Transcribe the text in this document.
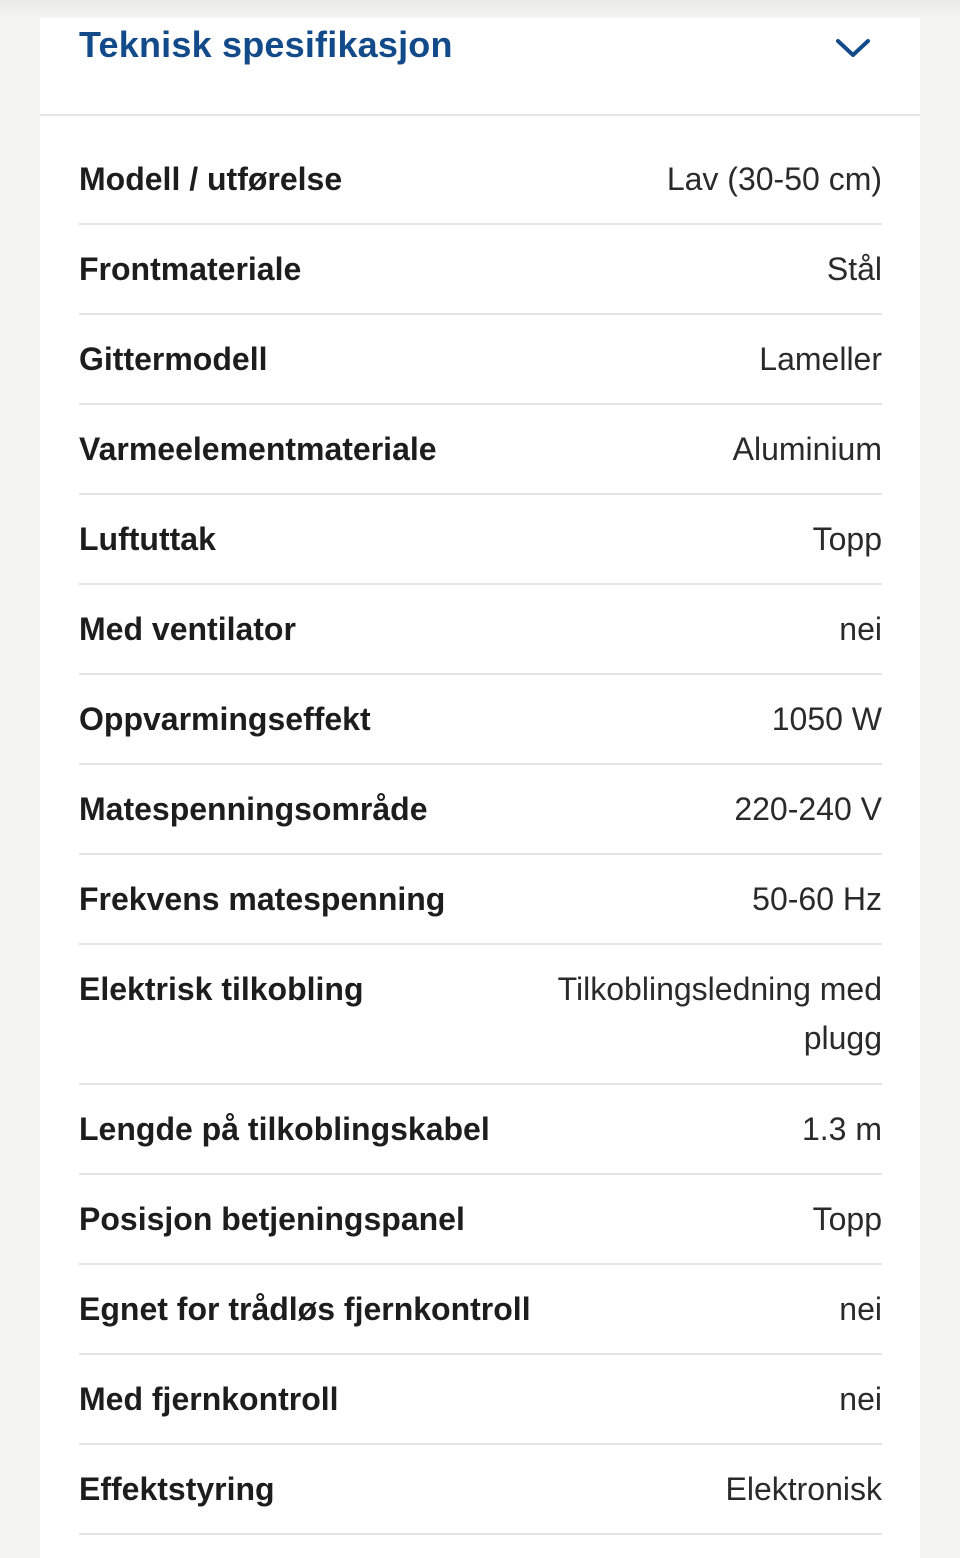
Teknisk spesifikasjon
Modell / utførelse	Lav (30-50 cm)
Frontmateriale	Stål
Gittermodell	Lameller
Varmeelementmateriale	Aluminium
Luftuttak	Topp
Med ventilator	nei
Oppvarmingseffekt	1050 W
Matespenningsområde	220-240 V
Frekvens matespenning	50-60 Hz
Elektrisk tilkobling	Tilkoblingsledning med plugg
Lengde på tilkoblingskabel	1.3 m
Posisjon betjeningspanel	Topp
Egnet for trådløs fjernkontroll	nei
Med fjernkontroll	nei
Effektstyring	Elektronisk
